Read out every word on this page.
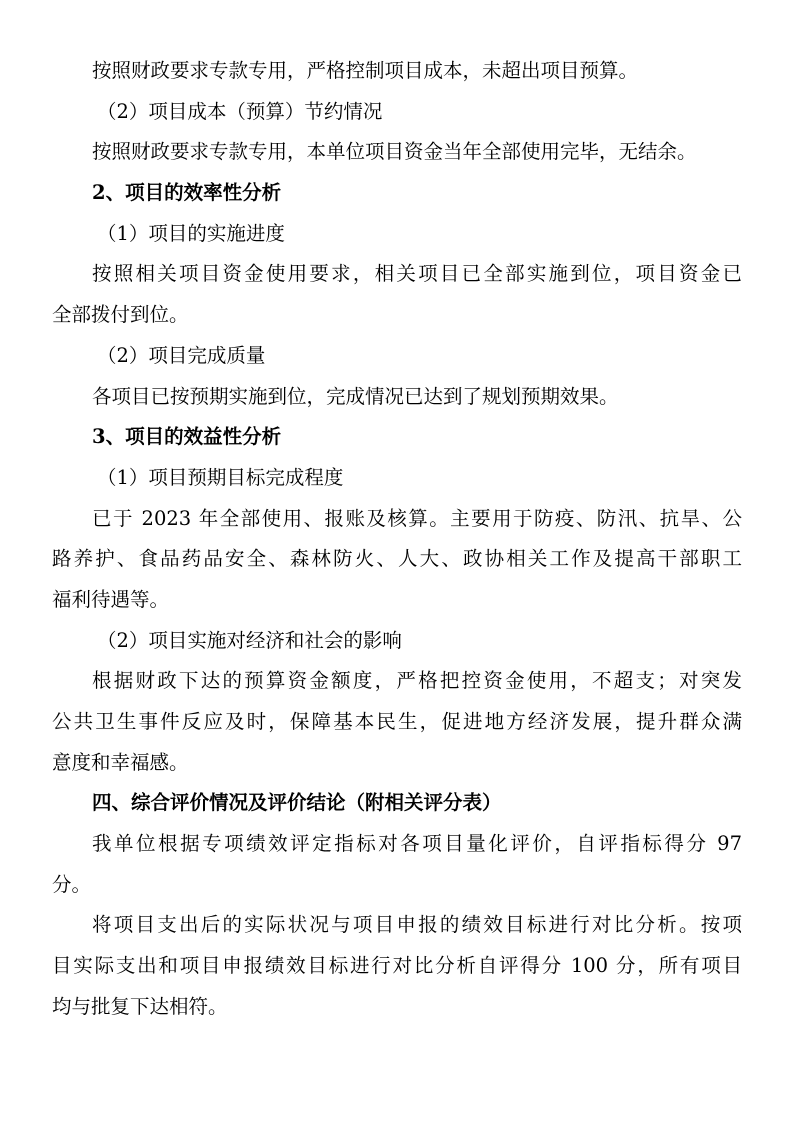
按照财政要求专款专用，严格控制项目成本，未超出项目预算。

（2）项目成本（预算）节约情况

按照财政要求专款专用，本单位项目资金当年全部使用完毕，无结余。

2、项目的效率性分析

（1）项目的实施进度

按照相关项目资金使用要求，相关项目已全部实施到位，项目资金已

全部拨付到位。

（2）项目完成质量

各项目已按预期实施到位，完成情况已达到了规划预期效果。

3、项目的效益性分析

（1）项目预期目标完成程度

已于 2023 年全部使用、报账及核算。主要用于防疫、防汛、抗旱、公

路养护、食品药品安全、森林防火、人大、政协相关工作及提高干部职工

福利待遇等。

（2）项目实施对经济和社会的影响

根据财政下达的预算资金额度，严格把控资金使用，不超支；对突发

公共卫生事件反应及时，保障基本民生，促进地方经济发展，提升群众满

意度和幸福感。

四、综合评价情况及评价结论（附相关评分表）

我单位根据专项绩效评定指标对各项目量化评价，自评指标得分 97

分。

将项目支出后的实际状况与项目申报的绩效目标进行对比分析。按项

目实际支出和项目申报绩效目标进行对比分析自评得分 100 分，所有项目

均与批复下达相符。
